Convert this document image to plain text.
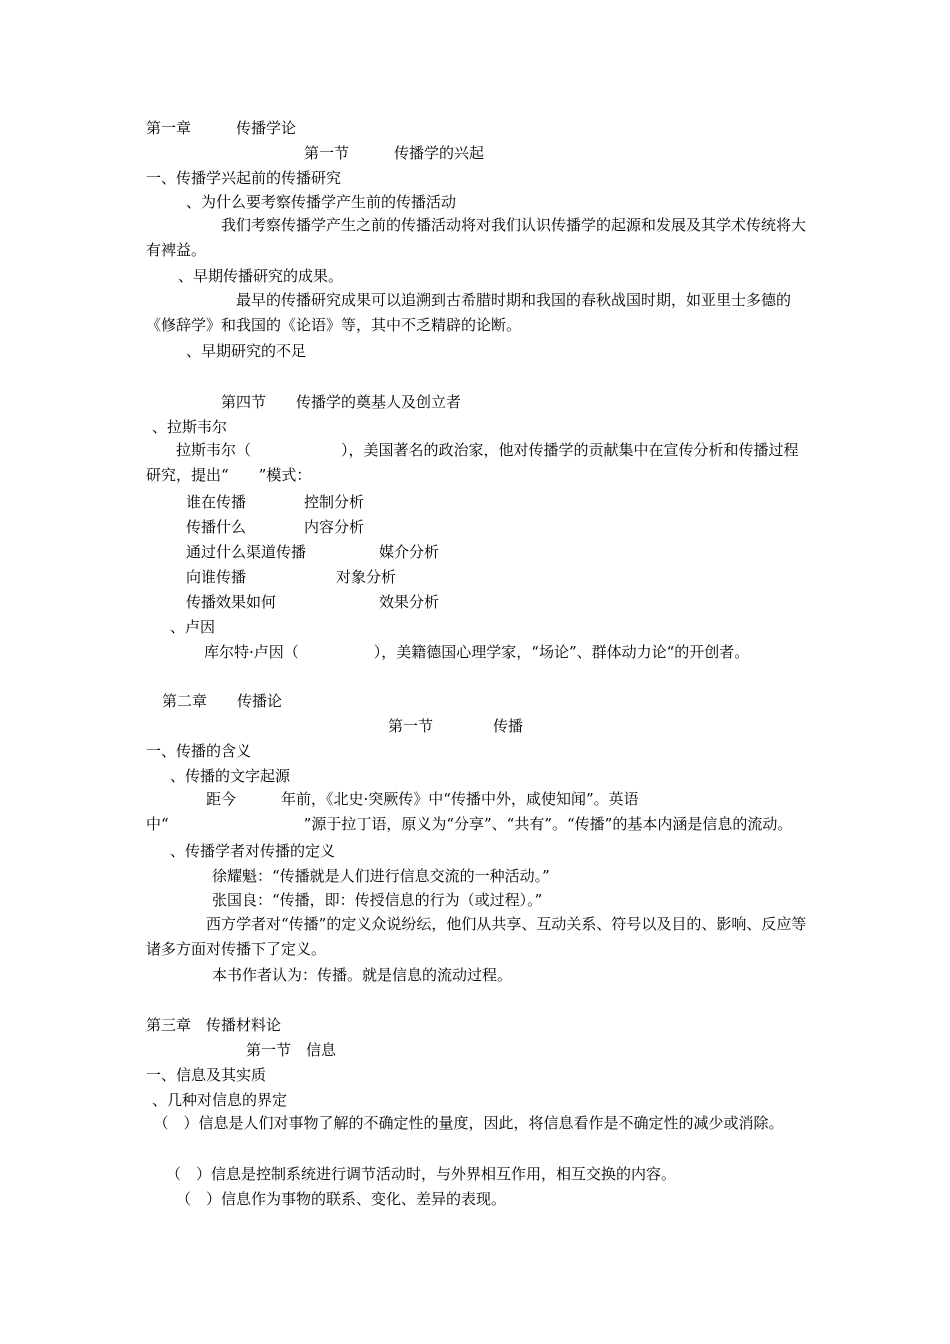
第一章　　　传播学论
第一节　　　传播学的兴起
一、传播学兴起前的传播研究
、为什么要考察传播学产生前的传播活动
　　　　　我们考察传播学产生之前的传播活动将对我们认识传播学的起源和发展及其学术传统将大有裨益。
、早期传播研究的成果。
　　　　　　最早的传播研究成果可以追溯到古希腊时期和我国的春秋战国时期，如亚里士多德的《修辞学》和我国的《论语》等，其中不乏精辟的论断。
、早期研究的不足
第四节　　传播学的奠基人及创立者
、拉斯韦尔
　　拉斯韦尔（　　　　　　），美国著名的政治家，他对传播学的贡献集中在宣传分析和传播过程研究，提出“　　”模式：
谁在传播	控制分析
传播什么	内容分析
通过什么渠道传播	媒介分析
向谁传播	对象分析
传播效果如何	效果分析
、卢因
库尔特·卢因（　　　　　），美籍德国心理学家，“场论”、群体动力论“的开创者。
第二章　　传播论
第一节　　　　传播
一、传播的含义
、传播的文字起源
　　　　距今　　　年前，《北史·突厥传》中“传播中外，咸使知闻”。英语中“　　　　　　　　　”源于拉丁语，原义为“分享”、“共有”。“传播”的基本内涵是信息的流动。
、传播学者对传播的定义
徐耀魁：“传播就是人们进行信息交流的一种活动。”
张国良：“传播，即：传授信息的行为（或过程）。”
　　　　西方学者对“传播”的定义众说纷纭，他们从共享、互动关系、符号以及目的、影响、反应等诸多方面对传播下了定义。
本书作者认为：传播。就是信息的流动过程。
第三章　传播材料论
第一节　信息
一、信息及其实质
、几种对信息的界定
　（　）信息是人们对事物了解的不确定性的量度，因此，将信息看作是不确定性的减少或消除。
（　）信息是控制系统进行调节活动时，与外界相互作用，相互交换的内容。
（　）信息作为事物的联系、变化、差异的表现。
